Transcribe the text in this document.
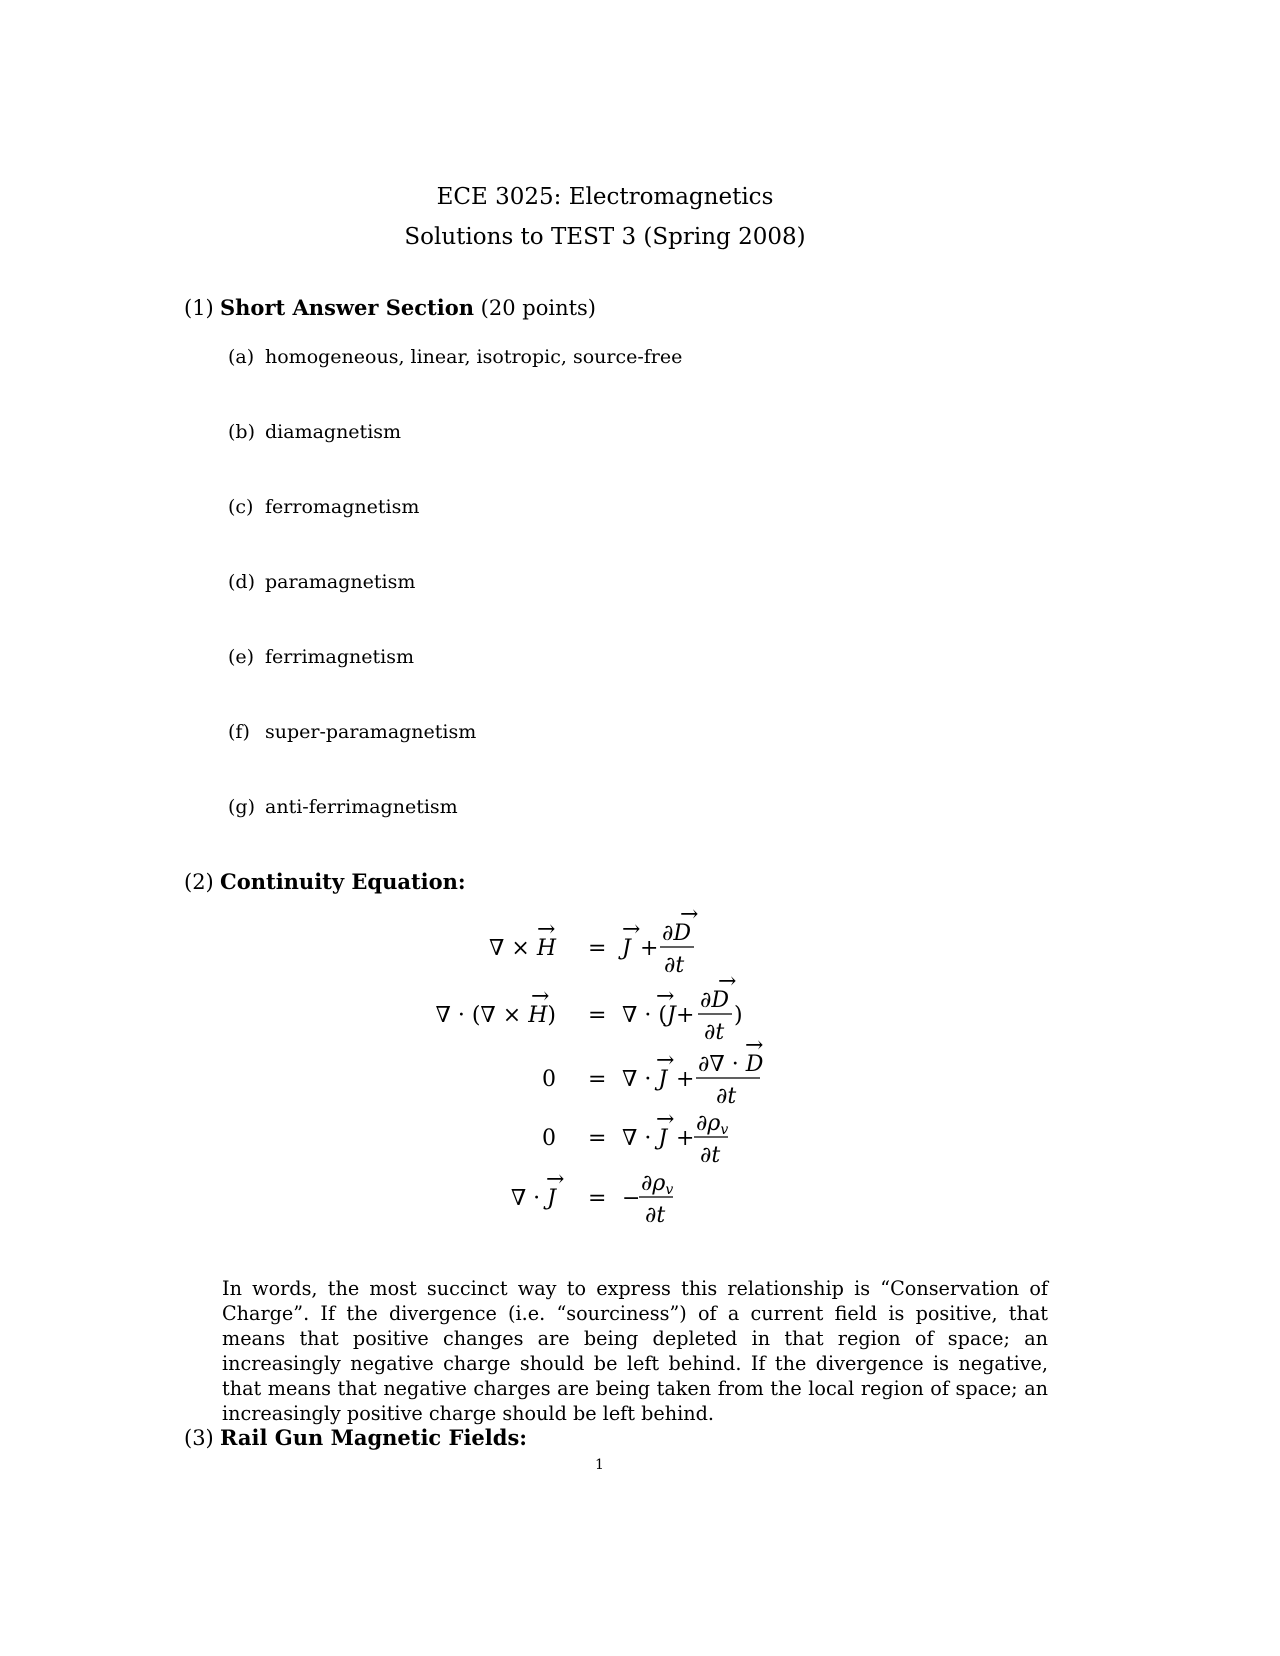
ECE 3025: Electromagnetics
Solutions to TEST 3 (Spring 2008)
(1) Short Answer Section (20 points)
(a) homogeneous, linear, isotropic, source-free
(b) diamagnetism
(c) ferromagnetism
(d) paramagnetism
(e) ferrimagnetism
(f) super-paramagnetism
(g) anti-ferrimagnetism
(2) Continuity Equation:
∇ × H
→
= J
→
+
∂D
→
∂t
∇ · (∇ × H)
→
= ∇ · (J
→
+
∂D
→
∂t
)
0 = ∇ · J
→
+
∂∇ · D
→
∂t
0 = ∇ · J
→
+
∂ρv
∂t
∇ · J
→
= −
∂ρv
∂t
In words, the most succinct way to express this relationship is “Conservation of Charge”. If the divergence (i.e. “sourciness”) of a current field is positive, that means that positive changes are being depleted in that region of space; an increasingly negative charge should be left behind. If the divergence is negative, that means that negative charges are being taken from the local region of space; an increasingly positive charge should be left behind.
(3) Rail Gun Magnetic Fields:
1
